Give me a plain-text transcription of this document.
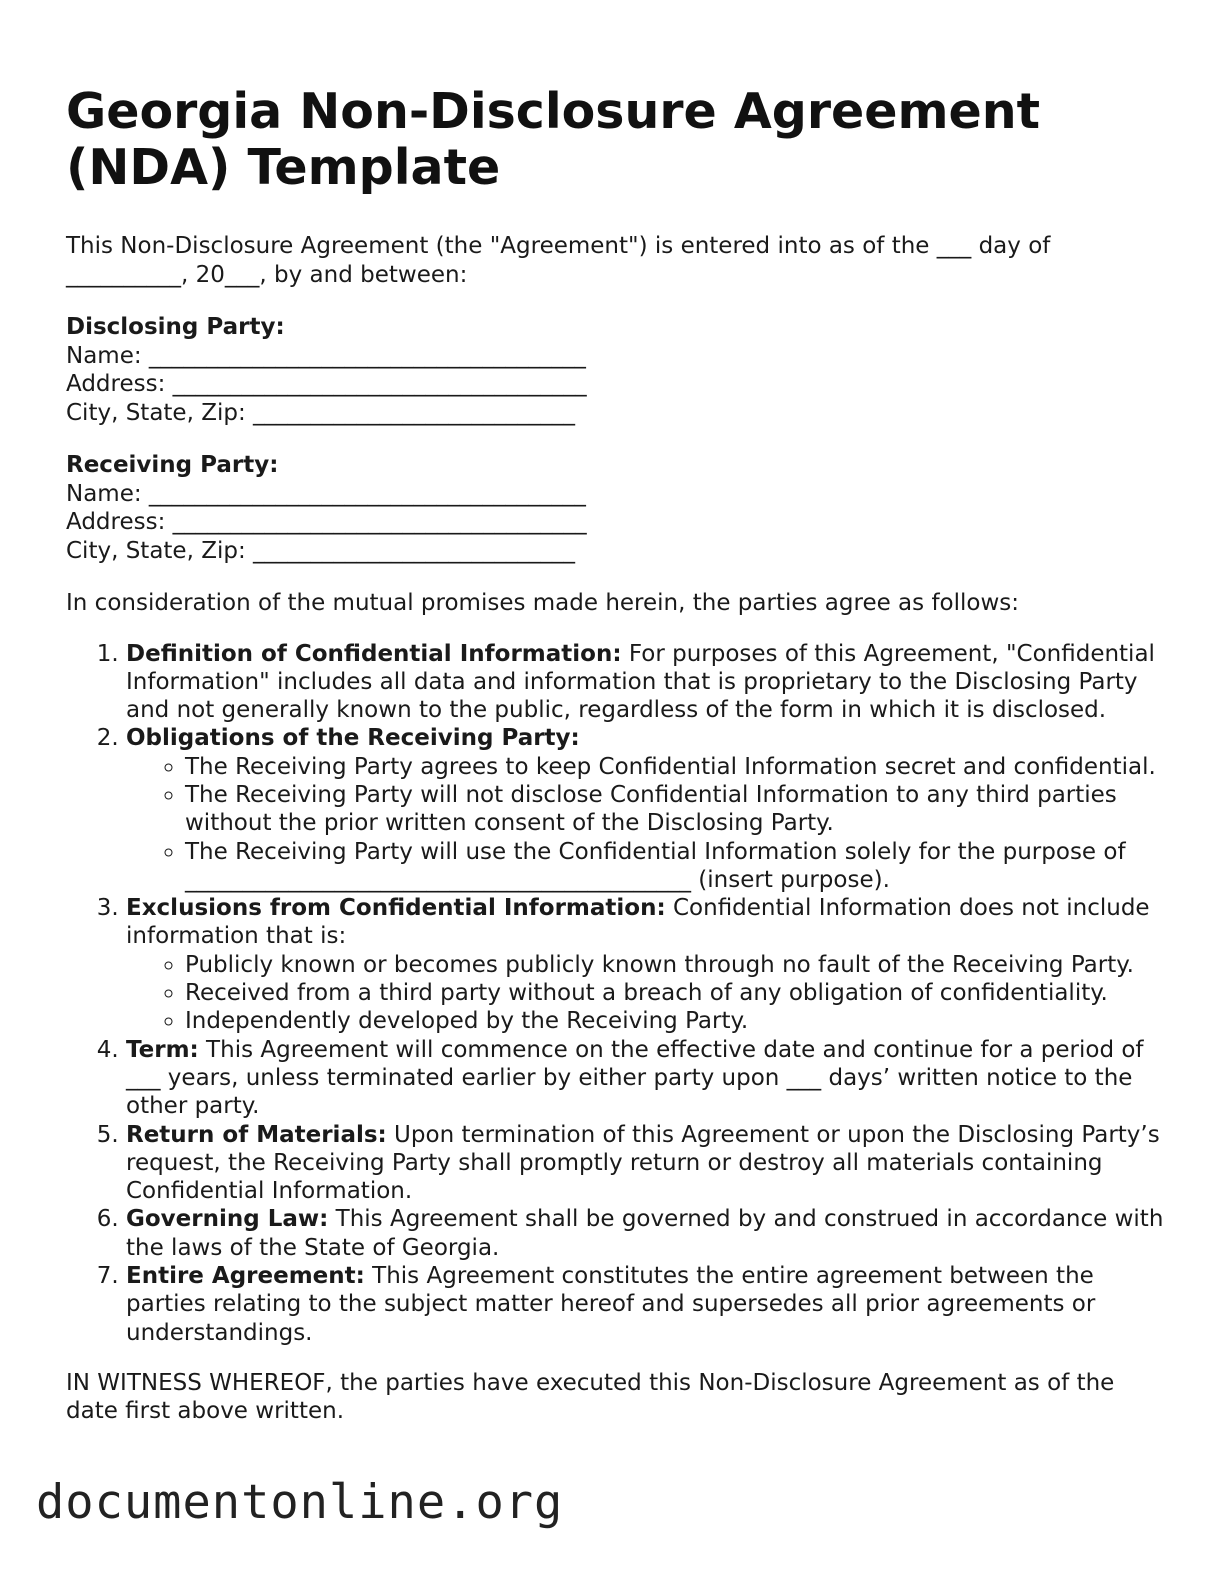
Georgia Non-Disclosure Agreement (NDA) Template

This Non-Disclosure Agreement (the "Agreement") is entered into as of the ___ day of __________, 20___, by and between:

Disclosing Party:
Name: ______________________________________
Address: ____________________________________
City, State, Zip: ____________________________
Receiving Party:
Name: ______________________________________
Address: ____________________________________
City, State, Zip: ____________________________

In consideration of the mutual promises made herein, the parties agree as follows:

1. Definition of Confidential Information: For purposes of this Agreement, "Confidential Information" includes all data and information that is proprietary to the Disclosing Party and not generally known to the public, regardless of the form in which it is disclosed.
2. Obligations of the Receiving Party:
◦ The Receiving Party agrees to keep Confidential Information secret and confidential.
◦ The Receiving Party will not disclose Confidential Information to any third parties without the prior written consent of the Disclosing Party.
◦ The Receiving Party will use the Confidential Information solely for the purpose of ____________________________________________ (insert purpose).
3. Exclusions from Confidential Information: Confidential Information does not include information that is:
◦ Publicly known or becomes publicly known through no fault of the Receiving Party.
◦ Received from a third party without a breach of any obligation of confidentiality.
◦ Independently developed by the Receiving Party.
4. Term: This Agreement will commence on the effective date and continue for a period of ___ years, unless terminated earlier by either party upon ___ days’ written notice to the other party.
5. Return of Materials: Upon termination of this Agreement or upon the Disclosing Party’s request, the Receiving Party shall promptly return or destroy all materials containing Confidential Information.
6. Governing Law: This Agreement shall be governed by and construed in accordance with the laws of the State of Georgia.
7. Entire Agreement: This Agreement constitutes the entire agreement between the parties relating to the subject matter hereof and supersedes all prior agreements or understandings.

IN WITNESS WHEREOF, the parties have executed this Non-Disclosure Agreement as of the date first above written.

documentonline.org
